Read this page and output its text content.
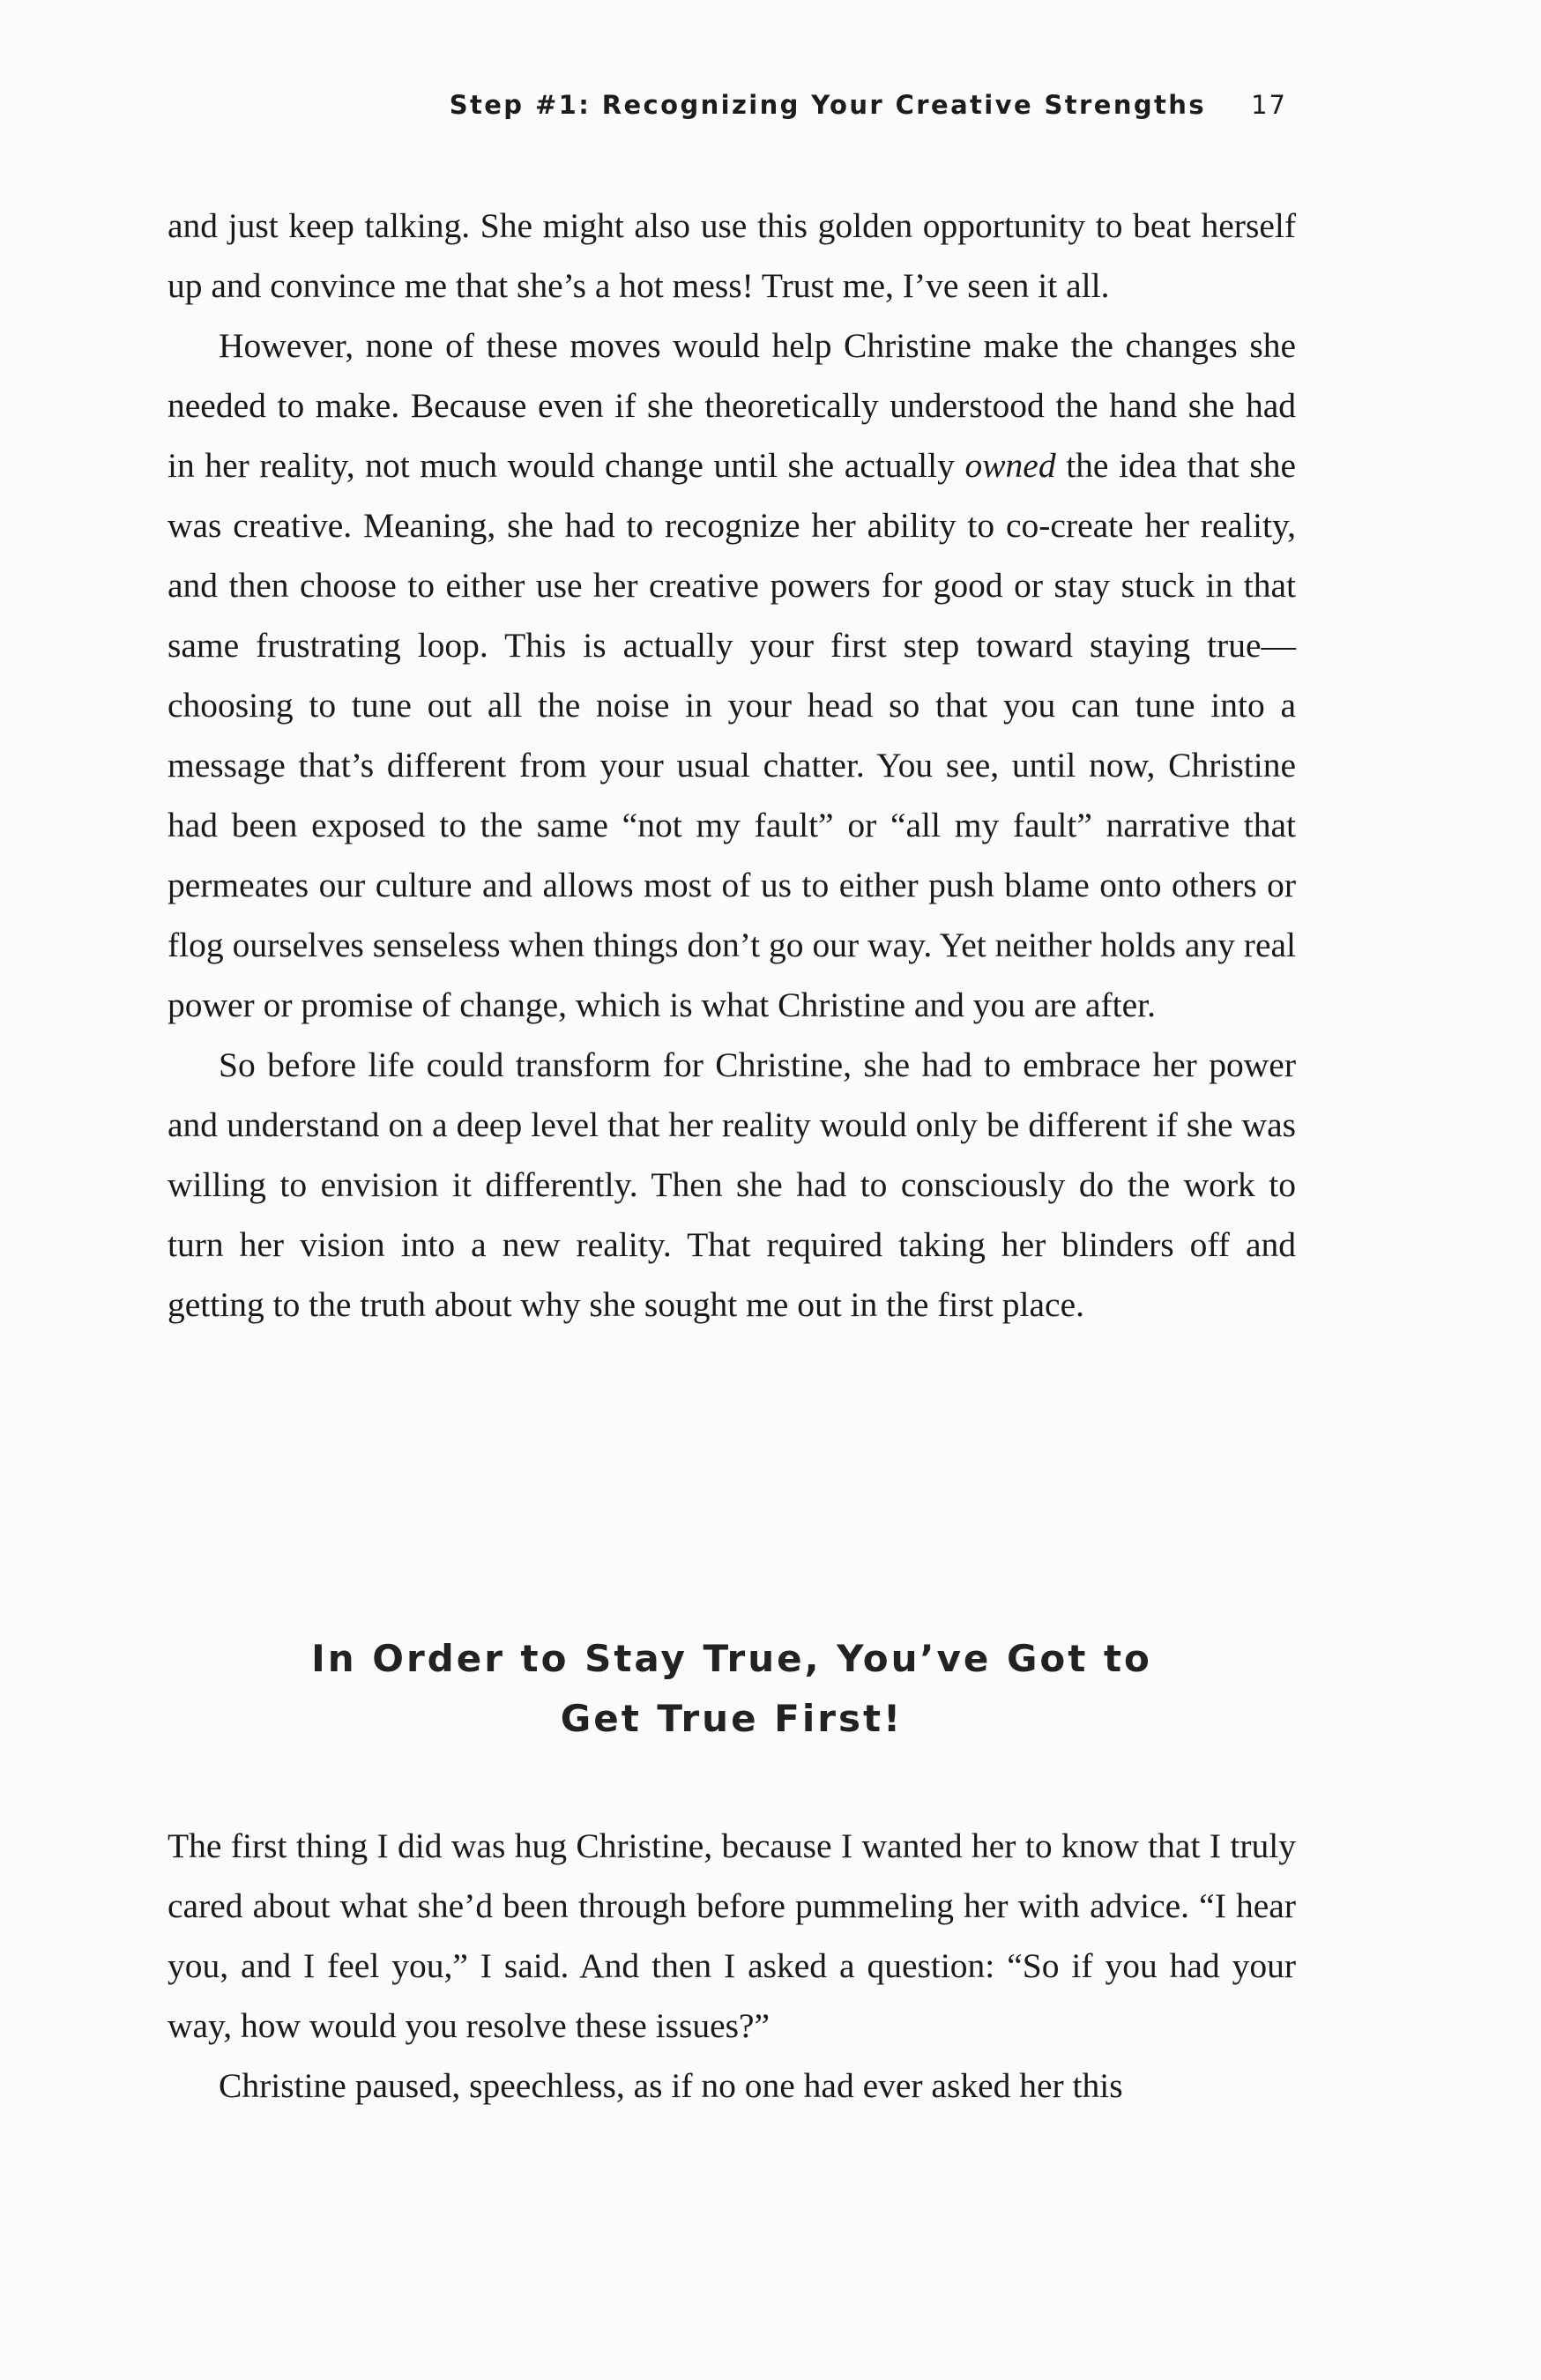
Step #1: Recognizing Your Creative Strengths 17

and just keep talking. She might also use this golden opportunity to beat herself up and convince me that she’s a hot mess! Trust me, I’ve seen it all.

However, none of these moves would help Christine make the changes she needed to make. Because even if she theoretically understood the hand she had in her reality, not much would change until she actually owned the idea that she was creative. Meaning, she had to recognize her ability to co-create her reality, and then choose to either use her creative powers for good or stay stuck in that same frustrating loop. This is actually your first step toward staying true—choosing to tune out all the noise in your head so that you can tune into a message that’s different from your usual chatter. You see, until now, Christine had been exposed to the same “not my fault” or “all my fault” narrative that permeates our culture and allows most of us to either push blame onto others or flog ourselves senseless when things don’t go our way. Yet neither holds any real power or promise of change, which is what Christine and you are after.

So before life could transform for Christine, she had to embrace her power and understand on a deep level that her reality would only be different if she was willing to envision it differently. Then she had to consciously do the work to turn her vision into a new reality. That required taking her blinders off and getting to the truth about why she sought me out in the first place.

In Order to Stay True, You’ve Got to
Get True First!

The first thing I did was hug Christine, because I wanted her to know that I truly cared about what she’d been through before pummeling her with advice. “I hear you, and I feel you,” I said. And then I asked a question: “So if you had your way, how would you resolve these issues?”

Christine paused, speechless, as if no one had ever asked her this
